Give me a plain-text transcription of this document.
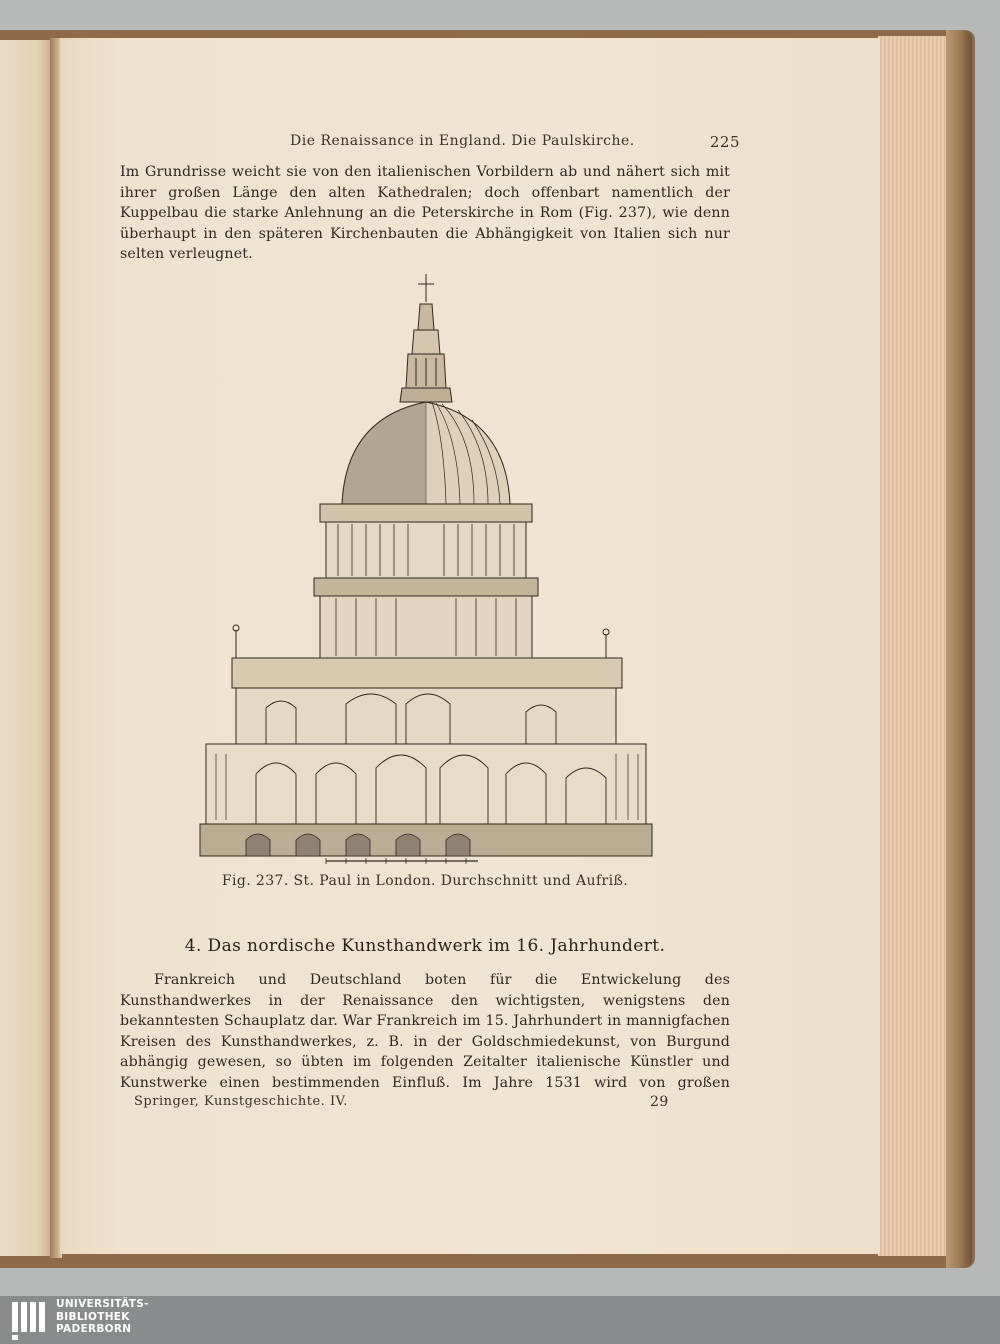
Die Renaissance in England. Die Paulskirche.	225
Im Grundrisse weicht sie von den italienischen Vorbildern ab und nähert sich mit ihrer großen Länge den alten Kathedralen; doch offenbart namentlich der Kuppelbau die starke Anlehnung an die Peterskirche in Rom (Fig. 237), wie denn überhaupt in den späteren Kirchenbauten die Abhängigkeit von Italien sich nur selten verleugnet.
Fig. 237. St. Paul in London. Durchschnitt und Aufriß.
4. Das nordische Kunsthandwerk im 16. Jahrhundert.
Frankreich und Deutschland boten für die Entwickelung des Kunsthandwerkes in der Renaissance den wichtigsten, wenigstens den bekanntesten Schauplatz dar. War Frankreich im 15. Jahrhundert in mannigfachen Kreisen des Kunsthandwerkes, z. B. in der Goldschmiedekunst, von Burgund abhängig gewesen, so übten im folgenden Zeitalter italienische Künstler und Kunstwerke einen bestimmenden Einfluß. Im Jahre 1531 wird von großen
Springer, Kunstgeschichte. IV.	29
UNIVERSITÄTS-
BIBLIOTHEK
PADERBORN
